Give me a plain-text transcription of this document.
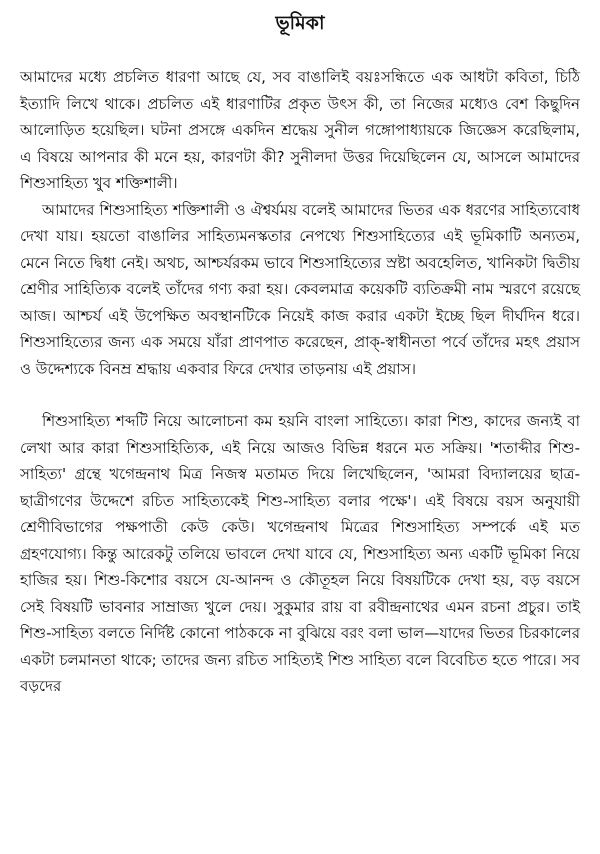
ভূমিকা

আমাদের মধ্যে প্রচলিত ধারণা আছে যে, সব বাঙালিই বয়ঃসন্ধিতে এক আধটা কবিতা, চিঠি ইত্যাদি লিখে থাকে। প্রচলিত এই ধারণাটির প্রকৃত উৎস কী, তা নিজের মধ্যেও বেশ কিছুদিন আলোড়িত হয়েছিল। ঘটনা প্রসঙ্গে একদিন শ্রদ্ধেয় সুনীল গঙ্গোপাধ্যায়কে জিজ্ঞেস করেছিলাম, এ বিষয়ে আপনার কী মনে হয়, কারণটা কী? সুনীলদা উত্তর দিয়েছিলেন যে, আসলে আমাদের শিশুসাহিত্য খুব শক্তিশালী।

আমাদের শিশুসাহিত্য শক্তিশালী ও ঐশ্বর্যময় বলেই আমাদের ভিতর এক ধরণের সাহিত্যবোধ দেখা যায়। হয়তো বাঙালির সাহিত্যমনস্কতার নেপথ্যে শিশুসাহিত্যের এই ভূমিকাটি অন্যতম, মেনে নিতে দ্বিধা নেই। অথচ, আশ্চর্যরকম ভাবে শিশুসাহিত্যের স্রষ্টা অবহেলিত, খানিকটা দ্বিতীয় শ্রেণীর সাহিত্যিক বলেই তাঁদের গণ্য করা হয়। কেবলমাত্র কয়েকটি ব্যতিক্রমী নাম স্মরণে রয়েছে আজ। আশ্চর্য এই উপেক্ষিত অবস্থানটিকে নিয়েই কাজ করার একটা ইচ্ছে ছিল দীর্ঘদিন ধরে। শিশুসাহিত্যের জন্য এক সময়ে যাঁরা প্রাণপাত করেছেন, প্রাক্-স্বাধীনতা পর্বে তাঁদের মহৎ প্রয়াস ও উদ্দেশ্যকে বিনম্র শ্রদ্ধায় একবার ফিরে দেখার তাড়নায় এই প্রয়াস।

শিশুসাহিত্য শব্দটি নিয়ে আলোচনা কম হয়নি বাংলা সাহিত্যে। কারা শিশু, কাদের জন্যই বা লেখা আর কারা শিশুসাহিত্যিক, এই নিয়ে আজও বিভিন্ন ধরনে মত সক্রিয়। 'শতাব্দীর শিশু-সাহিত্য' গ্রন্থে খগেন্দ্রনাথ মিত্র নিজস্ব মতামত দিয়ে লিখেছিলেন, 'আমরা বিদ্যালয়ের ছাত্র-ছাত্রীগণের উদ্দেশে রচিত সাহিত্যকেই শিশু-সাহিত্য বলার পক্ষে'। এই বিষয়ে বয়স অনুযায়ী শ্রেণীবিভাগের পক্ষপাতী কেউ কেউ। খগেন্দ্রনাথ মিত্রের শিশুসাহিত্য সম্পর্কে এই মত গ্রহণযোগ্য। কিন্তু আরেকটু তলিয়ে ভাবলে দেখা যাবে যে, শিশুসাহিত্য অন্য একটি ভূমিকা নিয়ে হাজির হয়। শিশু-কিশোর বয়সে যে-আনন্দ ও কৌতূহল নিয়ে বিষয়টিকে দেখা হয়, বড় বয়সে সেই বিষয়টি ভাবনার সাম্রাজ্য খুলে দেয়। সুকুমার রায় বা রবীন্দ্রনাথের এমন রচনা প্রচুর। তাই শিশু-সাহিত্য বলতে নির্দিষ্ট কোনো পাঠককে না বুঝিয়ে বরং বলা ভাল—যাদের ভিতর চিরকালের একটা চলমানতা থাকে; তাদের জন্য রচিত সাহিত্যই শিশু সাহিত্য বলে বিবেচিত হতে পারে। সব বড়দের
